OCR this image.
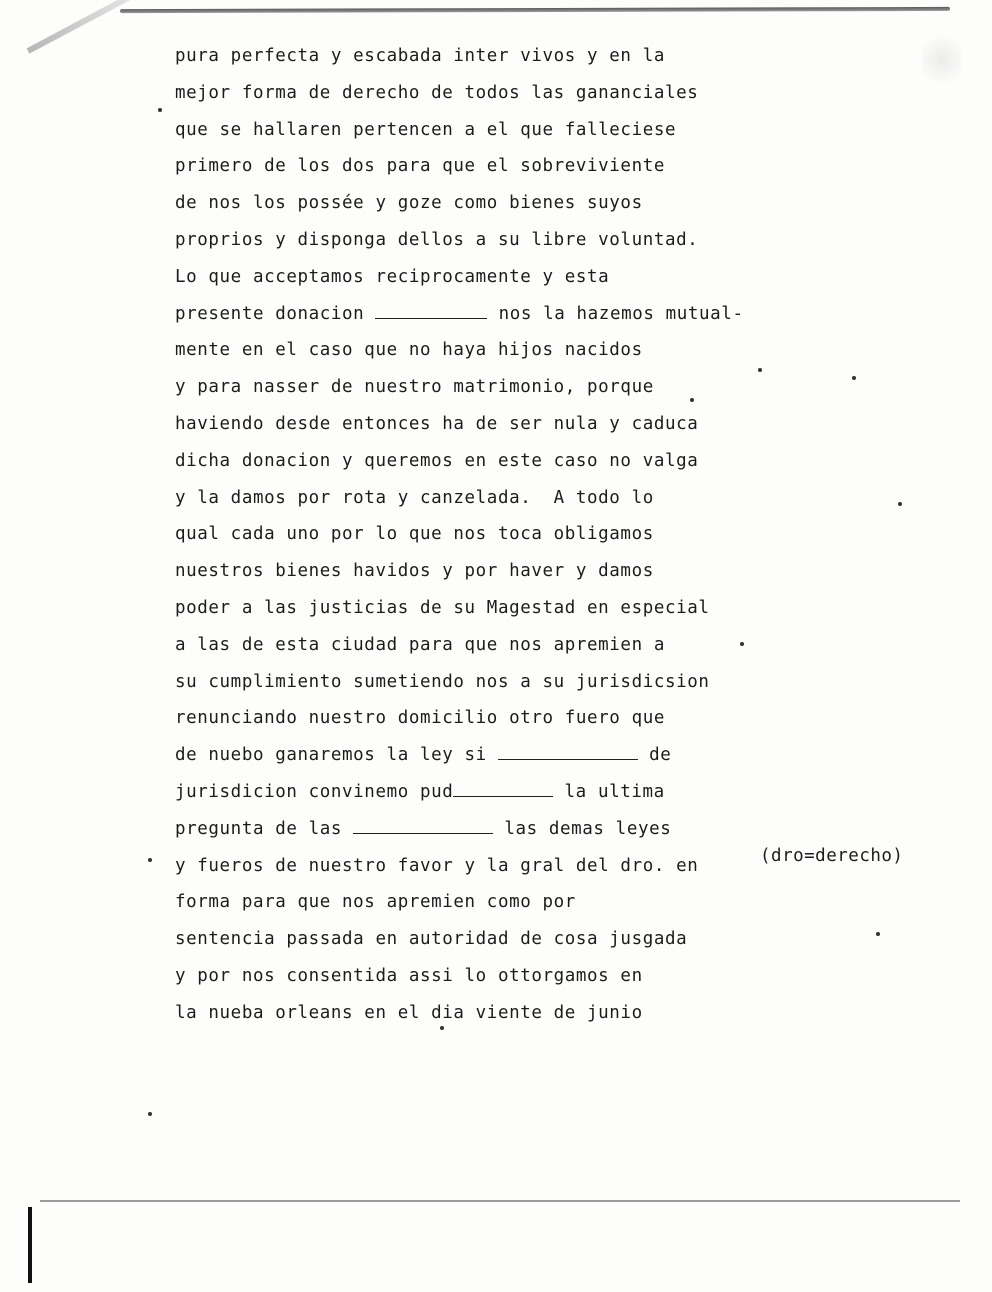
pura perfecta y escabada inter vivos y en la
mejor forma de derecho de todos las gananciales
que se hallaren pertencen a el que falleciese
primero de los dos para que el sobreviviente
de nos los possée y goze como bienes suyos
proprios y disponga dellos a su libre voluntad.
Lo que acceptamos reciprocamente y esta
presente donacion	nos la hazemos mutual-
mente en el caso que no haya hijos nacidos
y para nasser de nuestro matrimonio, porque
haviendo desde entonces ha de ser nula y caduca
dicha donacion y queremos en este caso no valga
y la damos por rota y canzelada.  A todo lo
qual cada uno por lo que nos toca obligamos
nuestros bienes havidos y por haver y damos
poder a las justicias de su Magestad en especial
a las de esta ciudad para que nos apremien a
su cumplimiento sumetiendo nos a su jurisdicsion
renunciando nuestro domicilio otro fuero que
de nuebo ganaremos la ley si	de
jurisdicion convinemo pud	la ultima
pregunta de las	las demas leyes
y fueros de nuestro favor y la gral del dro. en
forma para que nos apremien como por
sentencia passada en autoridad de cosa jusgada
y por nos consentida assi lo ottorgamos en
la nueba orleans en el dia viente de junio
(dro=derecho)
